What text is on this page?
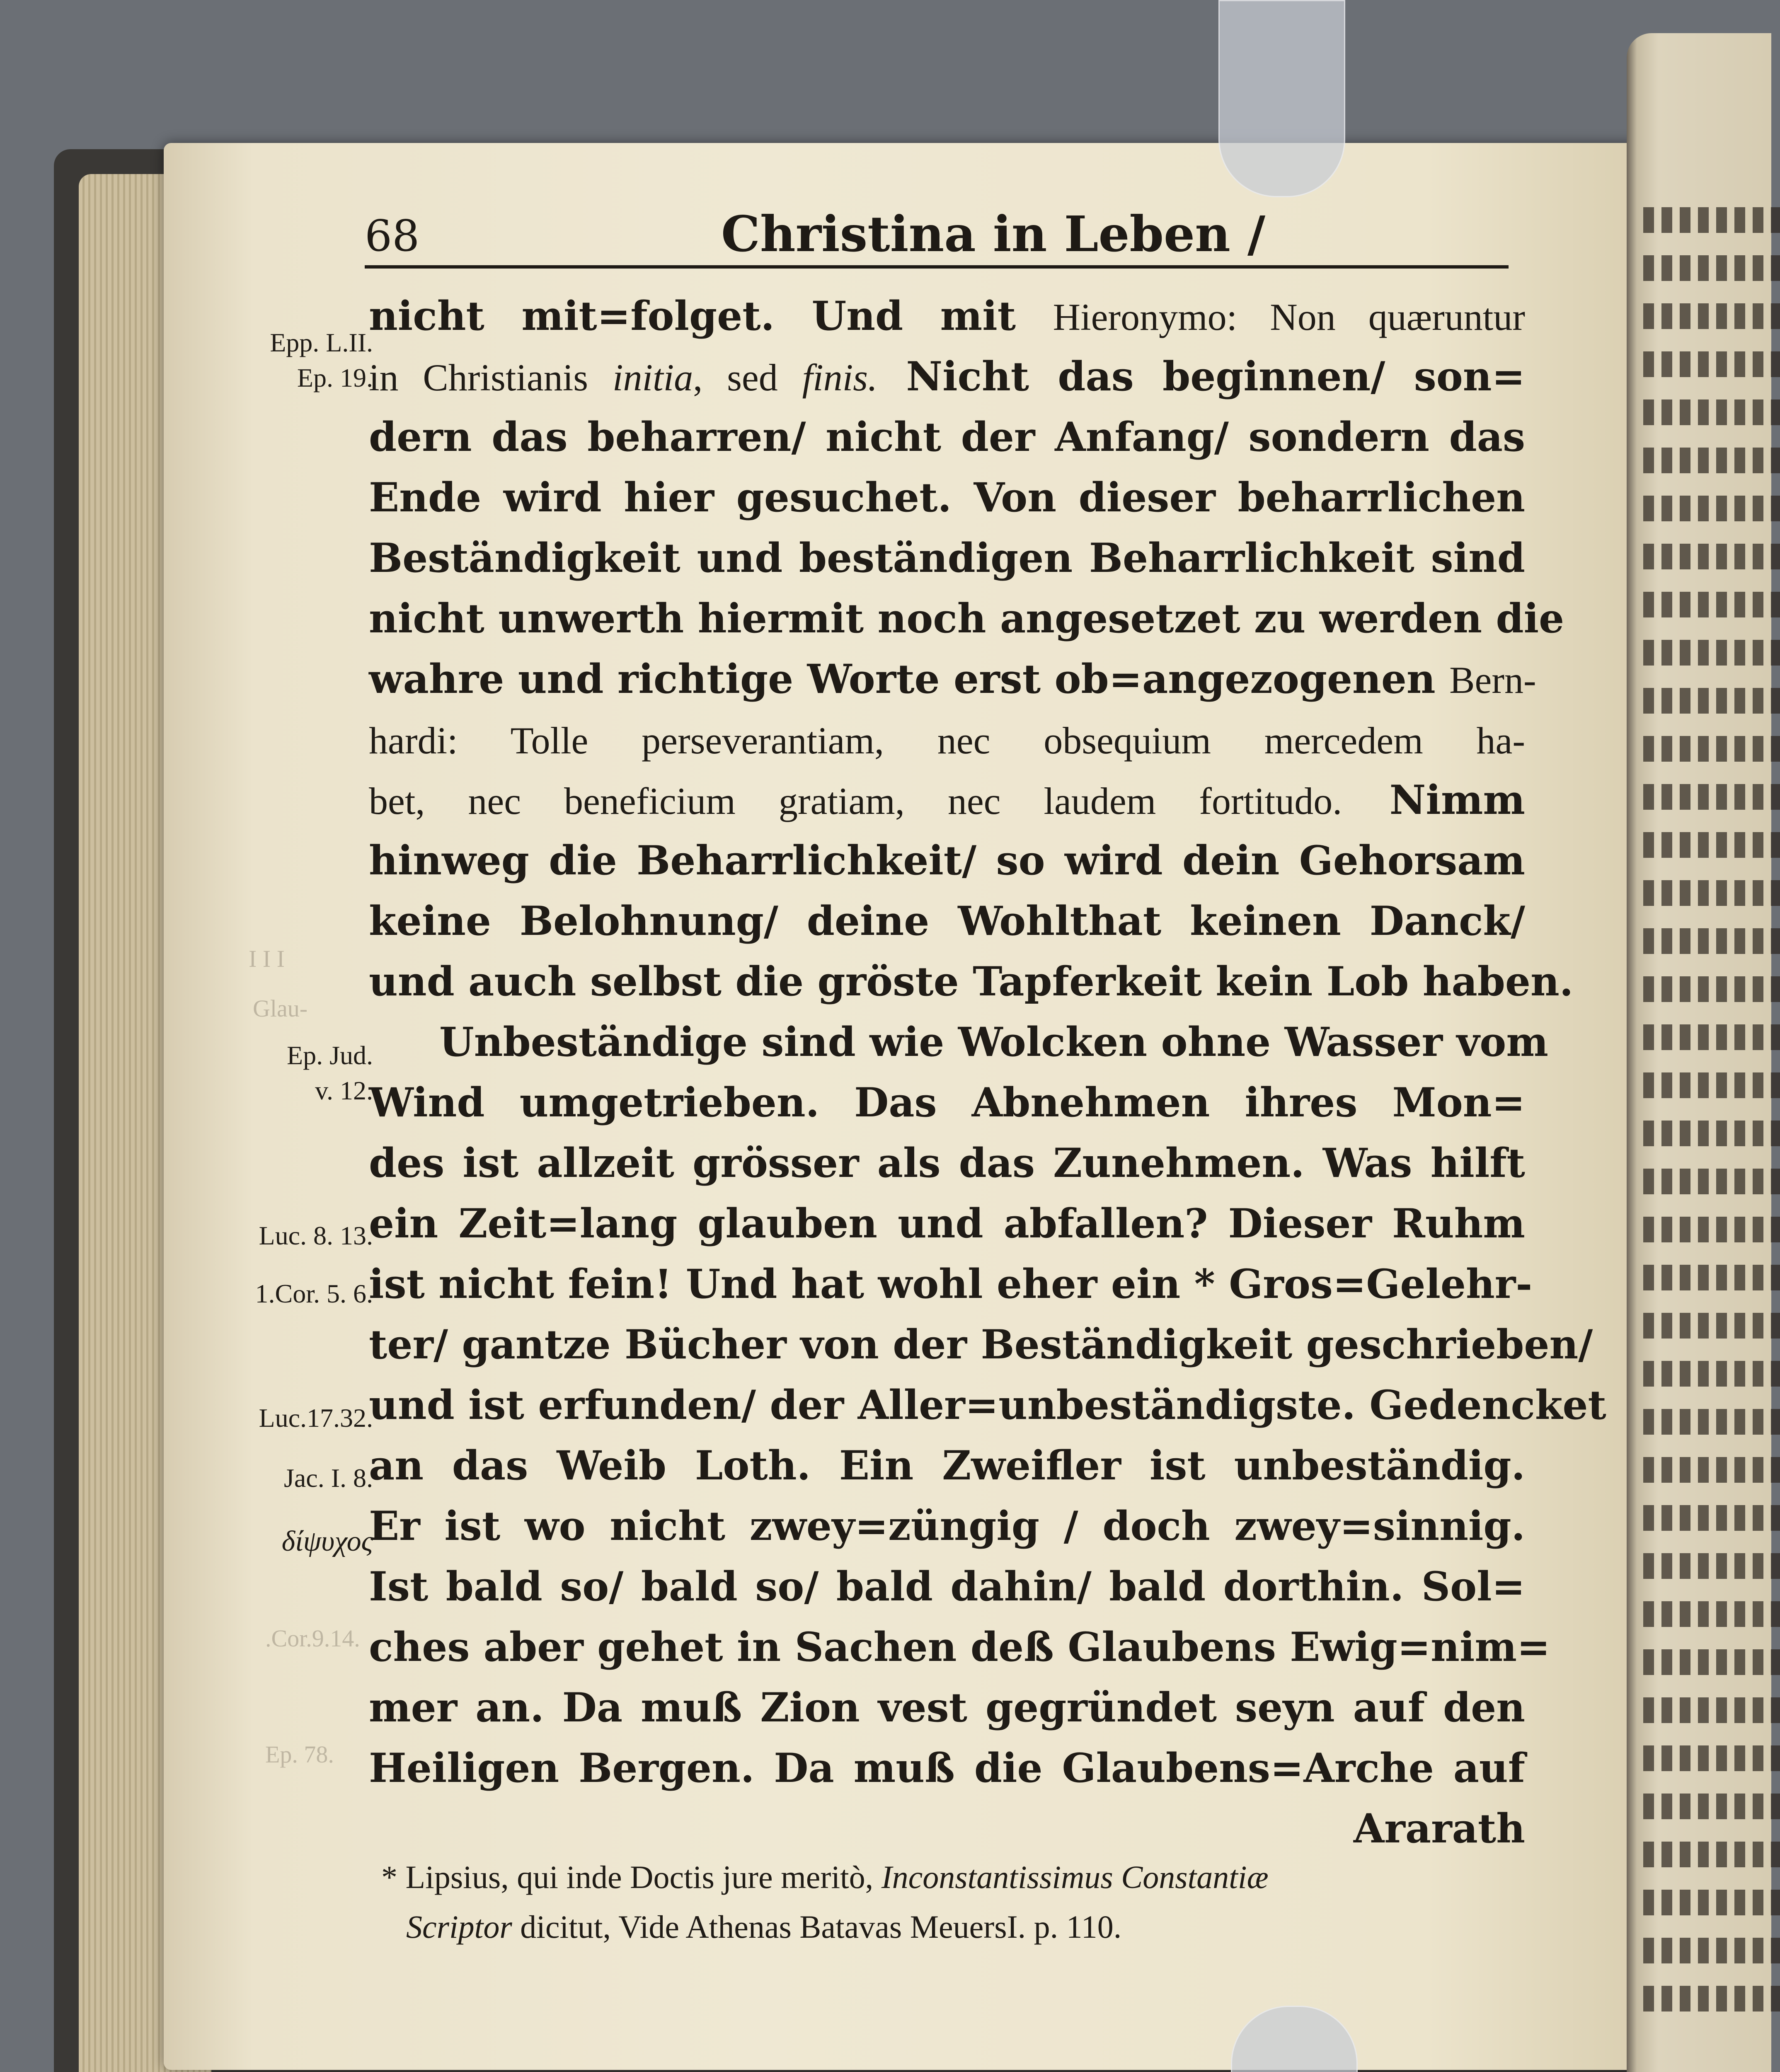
I I I
Glau-
.Cor.9.14.
Ep. 78.
68	Christina in Leben /
Epp. L.II.
Ep. 19.
Ep. Jud.
v. 12.
Luc. 8. 13.
1.Cor. 5. 6.
Luc.17.32.
Jac. I. 8.
δίψυχος
nicht mit=folget. Und mit Hieronymo: Non quæruntur
in Christianis initia, sed finis. Nicht das beginnen/ son=
dern das beharren/ nicht der Anfang/ sondern das
Ende wird hier gesuchet. Von dieser beharrlichen
Beständigkeit und beständigen Beharrlichkeit sind
nicht unwerth hiermit noch angesetzet zu werden die
wahre und richtige Worte erst ob=angezogenen Bern-
hardi: Tolle perseverantiam, nec obsequium mercedem ha-
bet, nec beneficium gratiam, nec laudem fortitudo. Nimm
hinweg die Beharrlichkeit/ so wird dein Gehorsam
keine Belohnung/ deine Wohlthat keinen Danck/
und auch selbst die gröste Tapferkeit kein Lob haben.
Unbeständige sind wie Wolcken ohne Wasser vom
Wind umgetrieben. Das Abnehmen ihres Mon=
des ist allzeit grösser als das Zunehmen. Was hilft
ein Zeit=lang glauben und abfallen? Dieser Ruhm
ist nicht fein! Und hat wohl eher ein * Gros=Gelehr-
ter/ gantze Bücher von der Beständigkeit geschrieben/
und ist erfunden/ der Aller=unbeständigste. Gedencket
an das Weib Loth. Ein Zweifler ist unbeständig.
Er ist wo nicht zwey=züngig / doch zwey=sinnig.
Ist bald so/ bald so/ bald dahin/ bald dorthin. Sol=
ches aber gehet in Sachen deß Glaubens Ewig=nim=
mer an. Da muß Zion vest gegründet seyn auf den
Heiligen Bergen. Da muß die Glaubens=Arche auf
Ararath
* Lipsius, qui inde Doctis jure meritò, Inconstantissimus Constantiæ
Scriptor dicitut, Vide Athenas Batavas MeuersI. p. 110.
